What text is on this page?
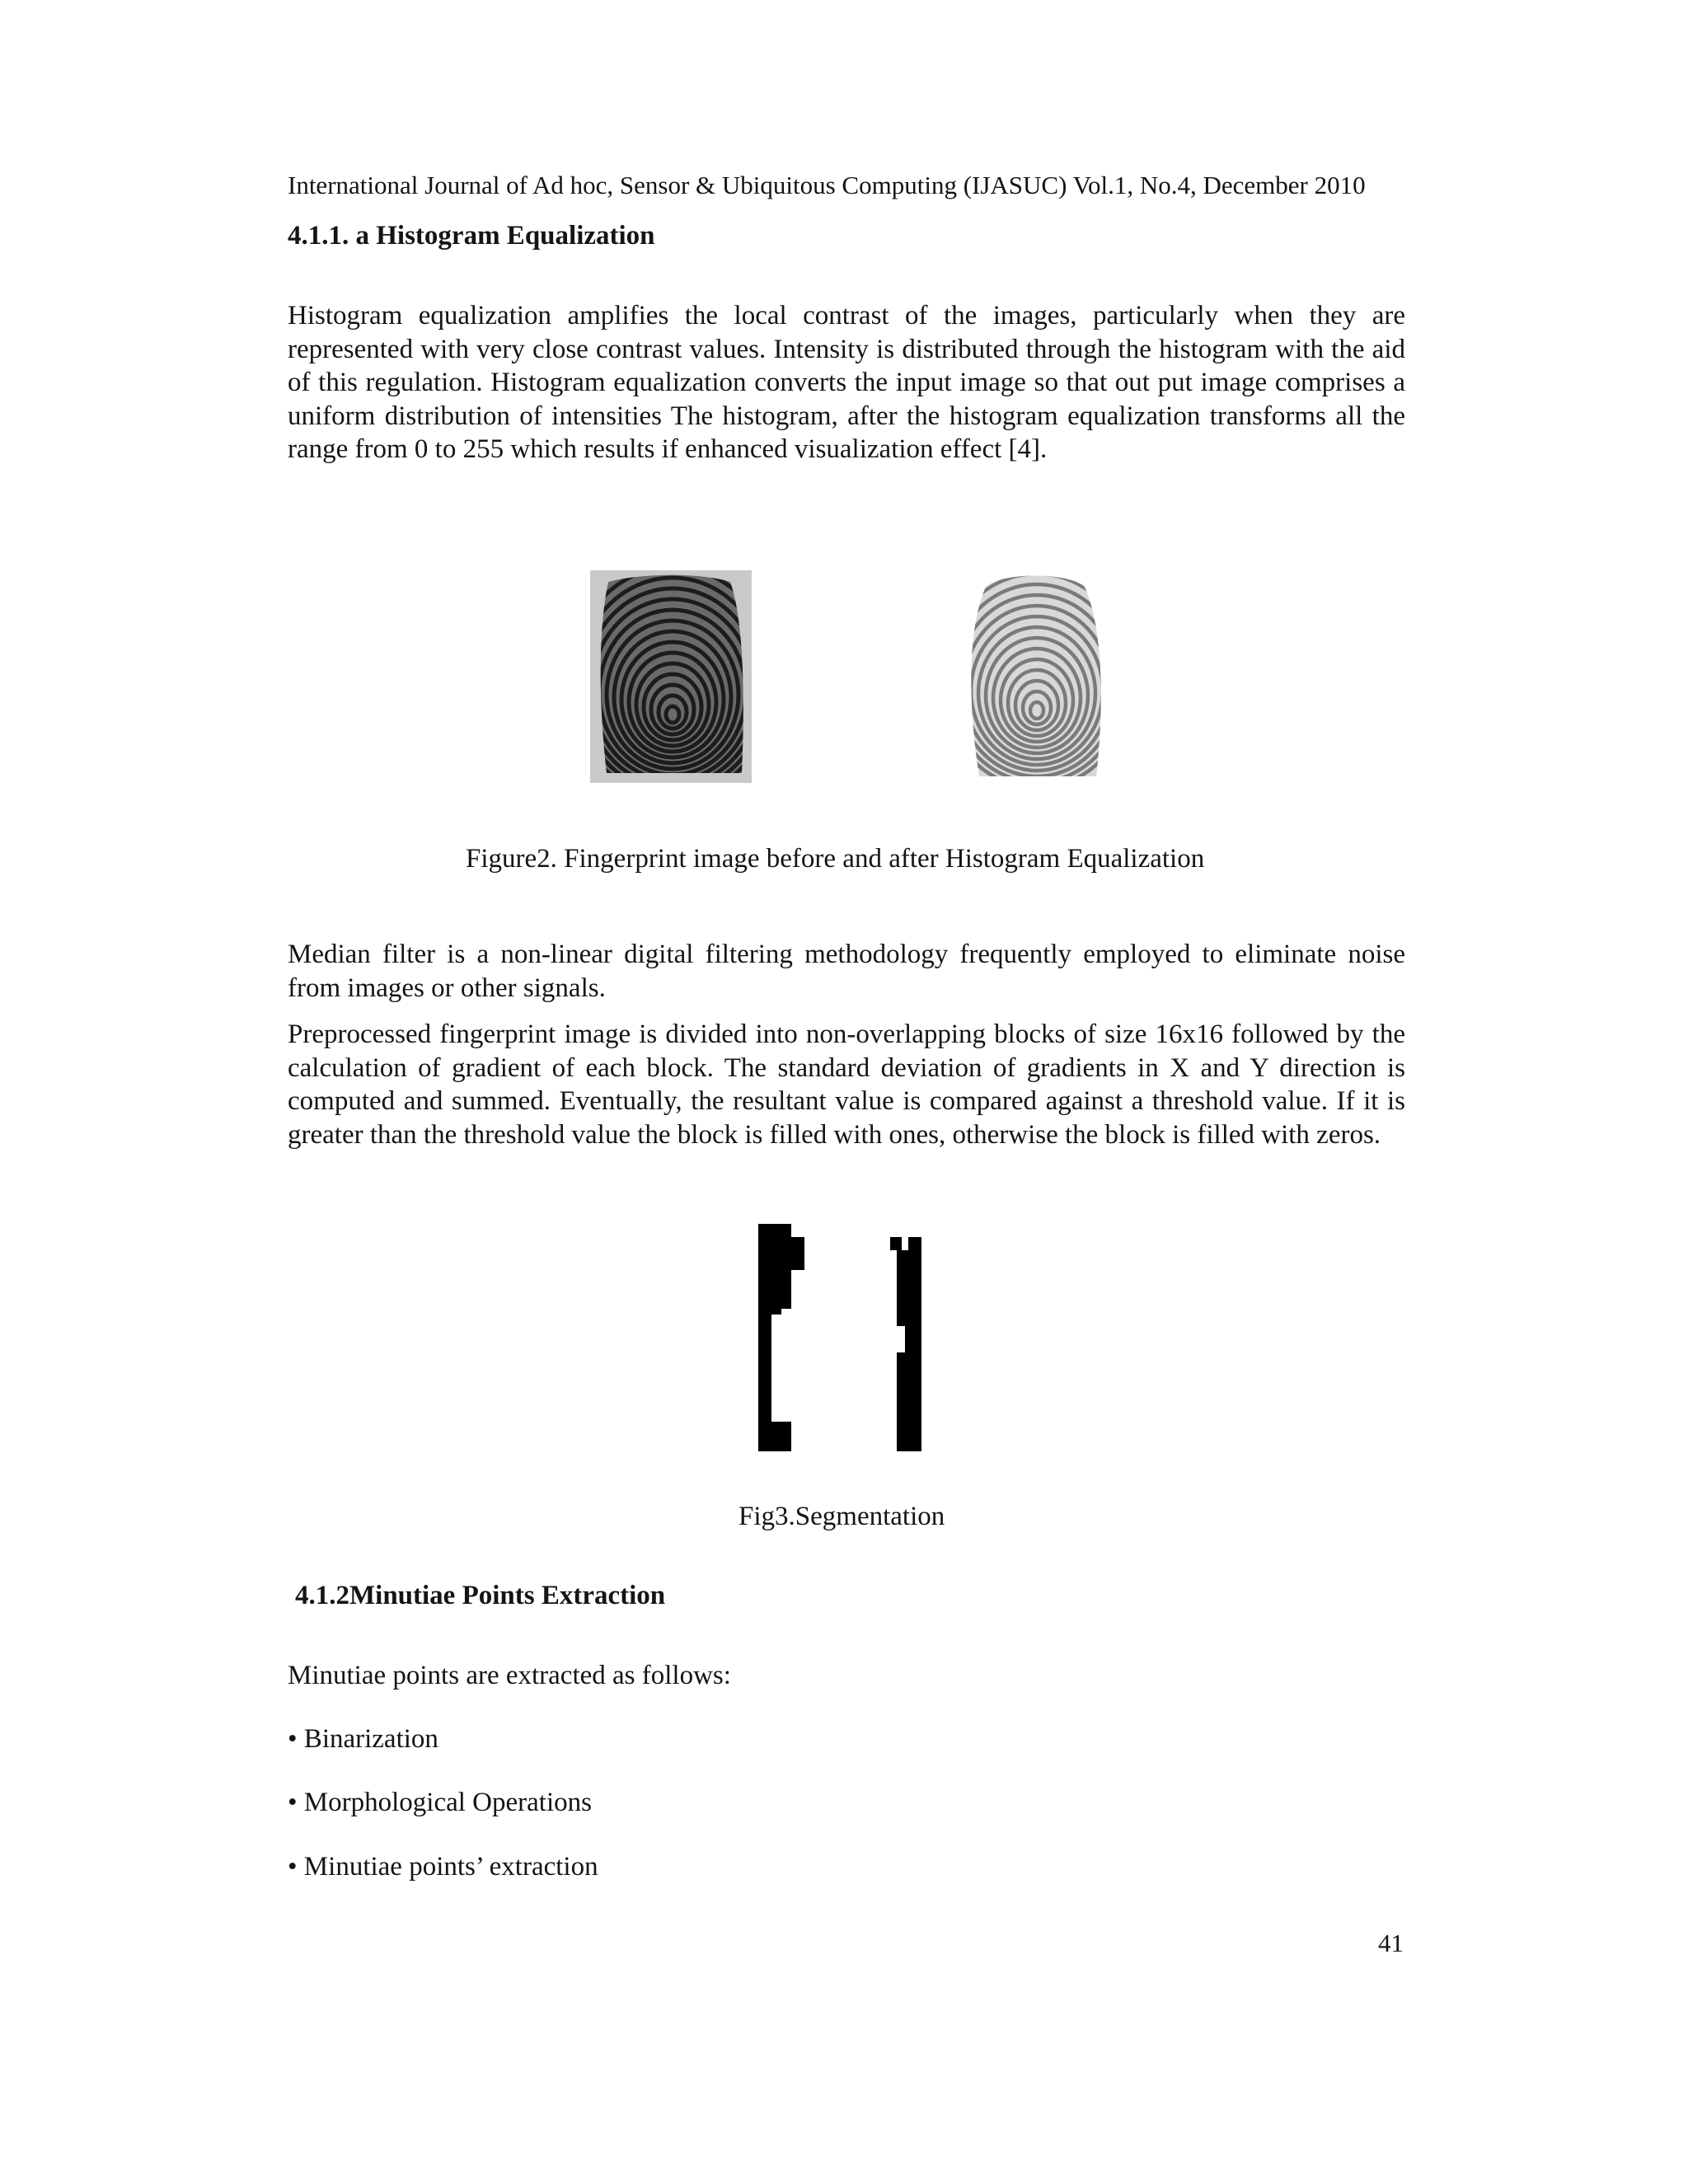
International Journal of Ad hoc, Sensor & Ubiquitous Computing (IJASUC) Vol.1, No.4, December 2010
4.1.1. a Histogram Equalization

Histogram equalization amplifies the local contrast of the images, particularly when they are represented with very close contrast values. Intensity is distributed through the histogram with the aid of this regulation. Histogram equalization converts the input image so that out put image comprises a uniform distribution of intensities The histogram, after the histogram equalization transforms all the range from 0 to 255 which results if enhanced visualization effect [4].

Figure2. Fingerprint image before and after Histogram Equalization

Median filter is a non-linear digital filtering methodology frequently employed to eliminate noise from images or other signals.

Preprocessed fingerprint image is divided into non-overlapping blocks of size 16x16 followed by the calculation of gradient of each block. The standard deviation of gradients in X and Y direction is computed and summed. Eventually, the resultant value is compared against a threshold value. If it is greater than the threshold value the block is filled with ones, otherwise the block is filled with zeros.

Fig3.Segmentation
4.1.2Minutiae Points Extraction
Minutiae points are extracted as follows:
• Binarization
• Morphological Operations
• Minutiae points’ extraction
41
